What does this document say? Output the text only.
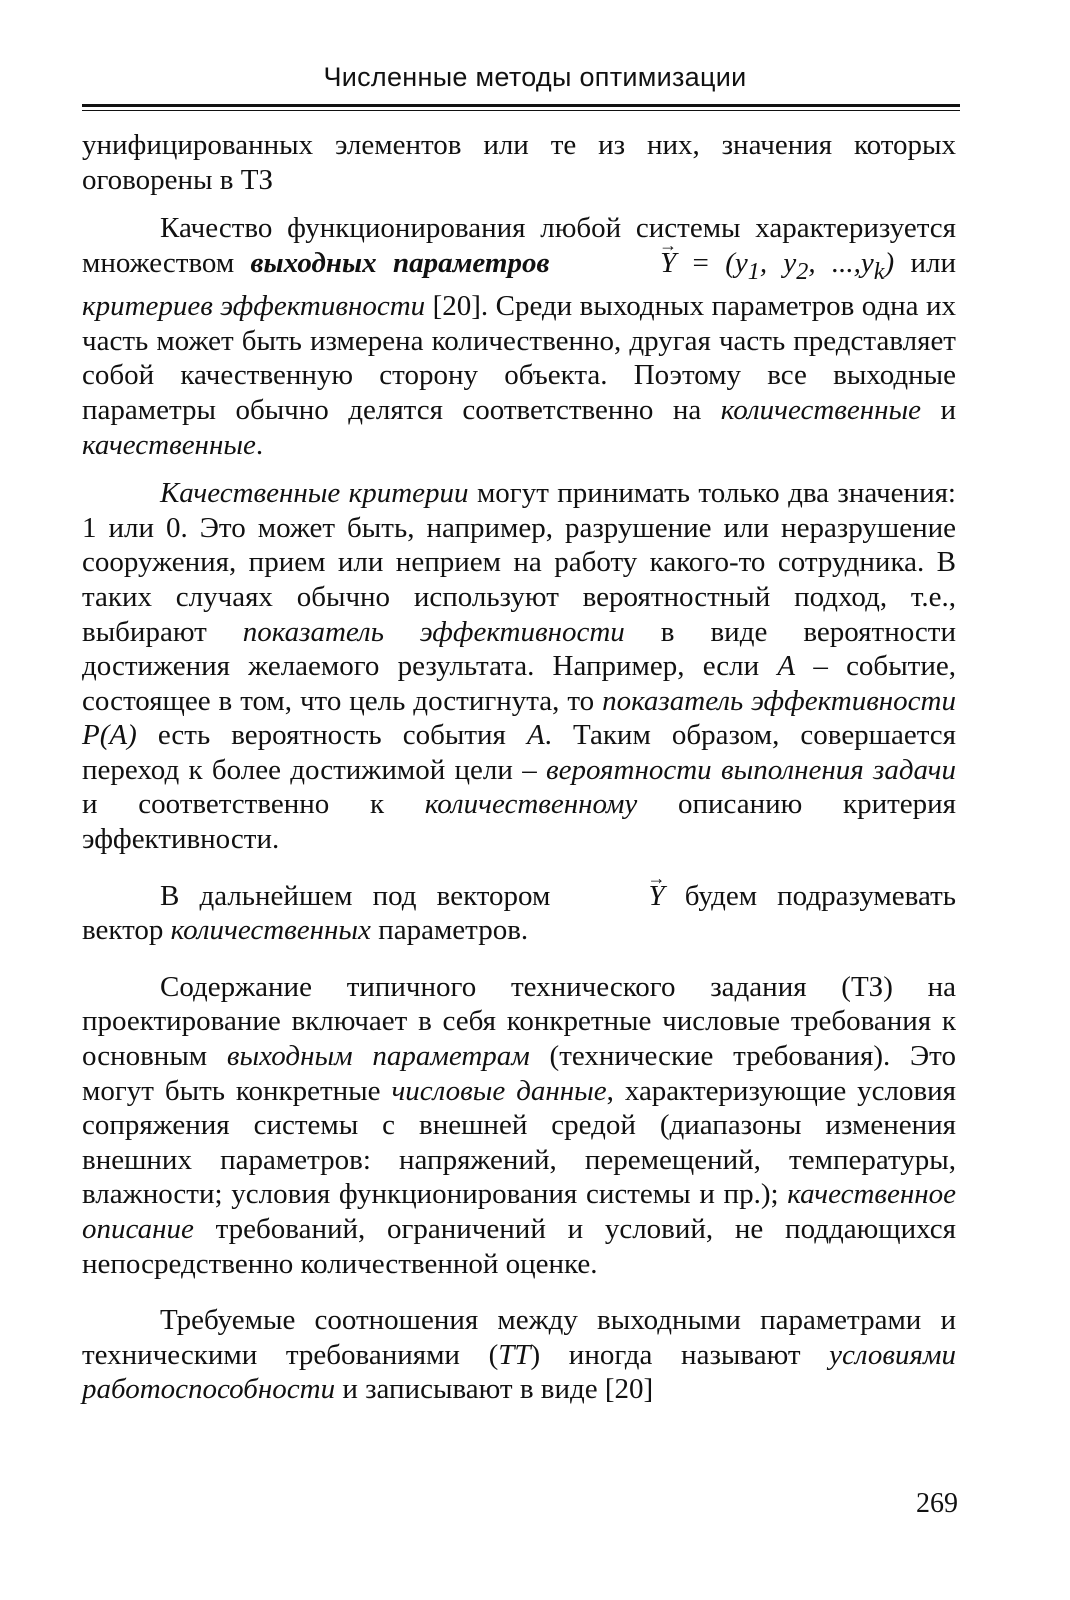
Численные методы оптимизации

унифицированных элементов или те из них, значения которых оговорены в ТЗ

Качество функционирования любой системы характеризуется множеством выходных параметров	→ $Y = (y_1$, $y_2$, $...,y_k$) или критериев эффективности [20]. Среди выходных параметров одна их часть может быть измерена количественно, другая часть представляет собой качественную сторону объекта. Поэтому все выходные параметры обычно делятся соответственно на количественные и качественные.

Качественные критерии могут принимать только два значения: 1 или 0. Это может быть, например, разрушение или неразрушение сооружения, прием или неприем на работу какого-то сотрудника. В таких случаях обычно используют вероятностный подход, т.е., выбирают показатель эффективности в виде вероятности достижения желаемого результата. Например, если А – событие, состоящее в том, что цель достигнута, то показатель эффективности Р(А) есть вероятность события А. Таким образом, совершается переход к более достижимой цели – вероятности выполнения задачи и соответственно к количественному описанию критерия эффективности.

В дальнейшем под вектором	→ Y будем подразумевать вектор количественных параметров.

Содержание типичного технического задания (ТЗ) на проектирование включает в себя конкретные числовые требования к основным выходным параметрам (технические требования). Это могут быть конкретные числовые данные, характеризующие условия сопряжения системы с внешней средой (диапазоны изменения внешних параметров: напряжений, перемещений, температуры, влажности; условия функционирования системы и пр.); качественное описание требований, ограничений и условий, не поддающихся непосредственно количественной оценке.

Требуемые соотношения между выходными параметрами и техническими требованиями (ТТ) иногда называют условиями работоспособности и записывают в виде [20]

269
